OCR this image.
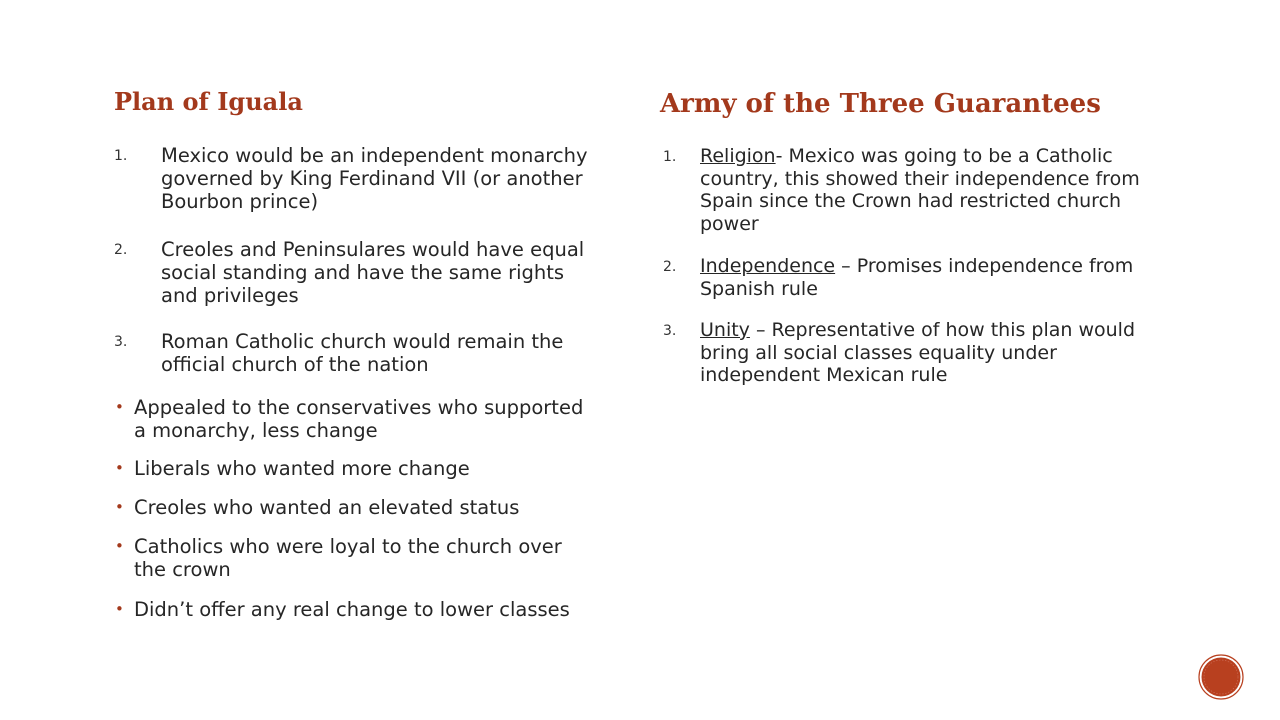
Plan of Iguala
1. Mexico would be an independent monarchy governed by King Ferdinand VII (or another Bourbon prince)
2. Creoles and Peninsulares would have equal social standing and have the same rights and privileges
3. Roman Catholic church would remain the official church of the nation
• Appealed to the conservatives who supported a monarchy, less change
• Liberals who wanted more change
• Creoles who wanted an elevated status
• Catholics who were loyal to the church over the crown
• Didn’t offer any real change to lower classes
Army of the Three Guarantees
1. Religion- Mexico was going to be a Catholic country, this showed their independence from Spain since the Crown had restricted church power
2. Independence – Promises independence from Spanish rule
3. Unity – Representative of how this plan would bring all social classes equality under independent Mexican rule
